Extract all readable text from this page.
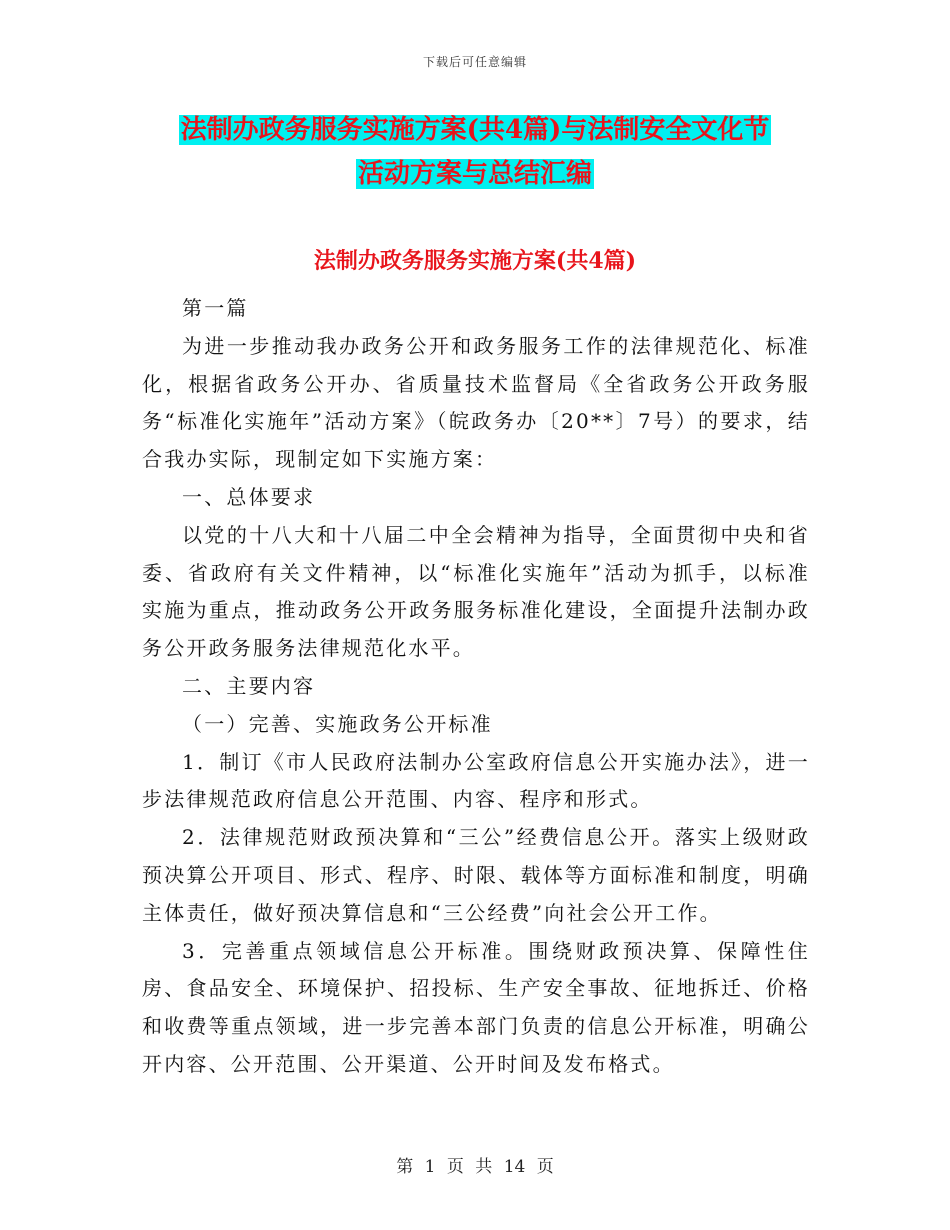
下载后可任意编辑
法制办政务服务实施方案(共4篇)与法制安全文化节
活动方案与总结汇编
法制办政务服务实施方案(共4篇)

第一篇

为进一步推动我办政务公开和政务服务工作的法律规范化、标准化，根据省政务公开办、省质量技术监督局《全省政务公开政务服务“标准化实施年”活动方案》（皖政务办〔20**〕7号）的要求，结合我办实际，现制定如下实施方案：

一、总体要求

以党的十八大和十八届二中全会精神为指导，全面贯彻中央和省委、省政府有关文件精神，以“标准化实施年”活动为抓手，以标准实施为重点，推动政务公开政务服务标准化建设，全面提升法制办政务公开政务服务法律规范化水平。

二、主要内容

（一）完善、实施政务公开标准

1．制订《市人民政府法制办公室政府信息公开实施办法》，进一步法律规范政府信息公开范围、内容、程序和形式。

2．法律规范财政预决算和“三公”经费信息公开。落实上级财政预决算公开项目、形式、程序、时限、载体等方面标准和制度，明确主体责任，做好预决算信息和“三公经费”向社会公开工作。

3．完善重点领域信息公开标准。围绕财政预决算、保障性住房、食品安全、环境保护、招投标、生产安全事故、征地拆迁、价格和收费等重点领域，进一步完善本部门负责的信息公开标准，明确公开内容、公开范围、公开渠道、公开时间及发布格式。

第 1 页 共 14 页
